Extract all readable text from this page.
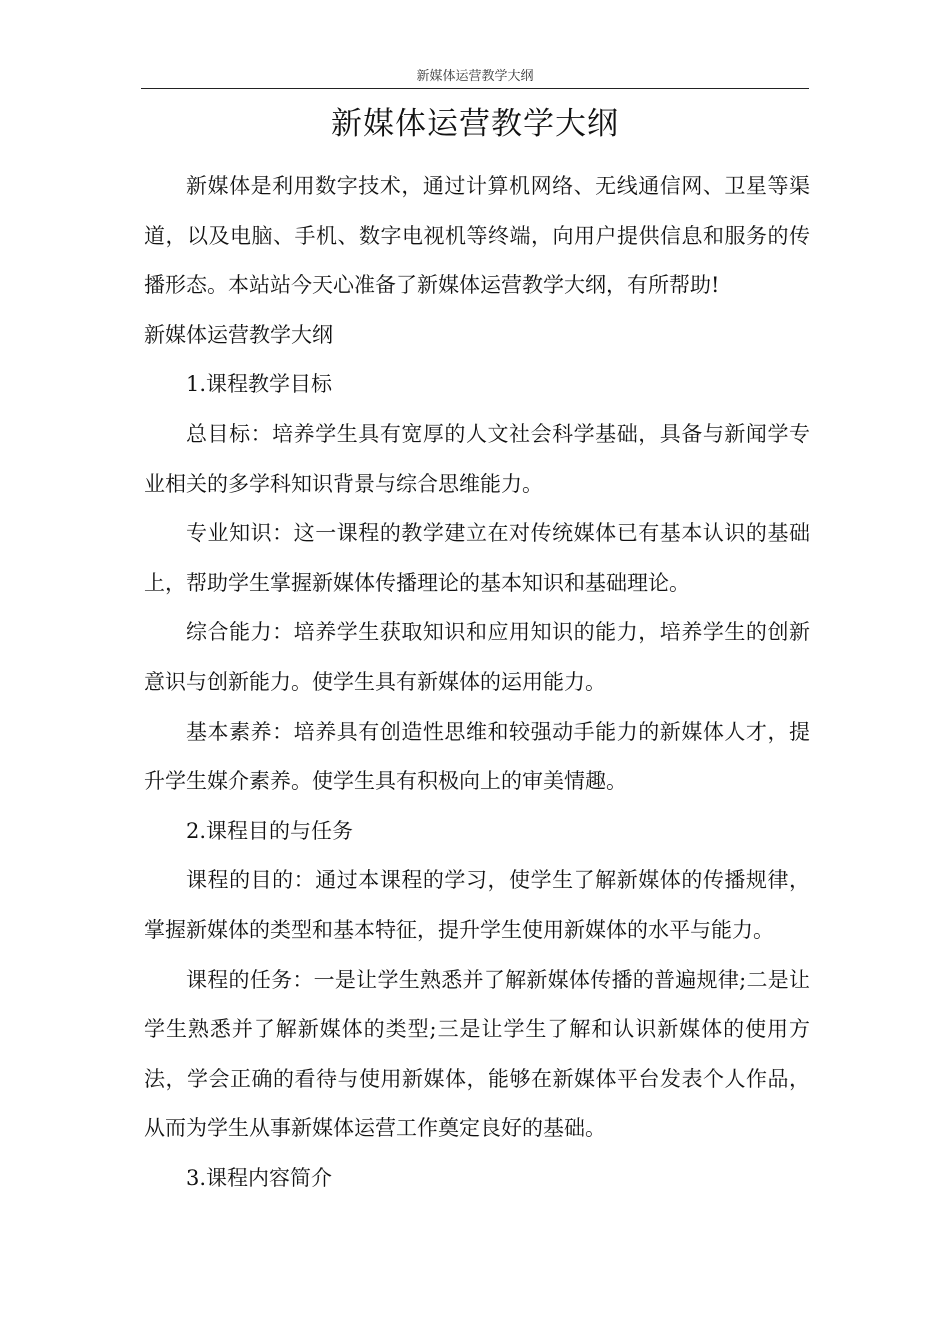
新媒体运营教学大纲
新媒体运营教学大纲

新媒体是利用数字技术，通过计算机网络、无线通信网、卫星等渠道，以及电脑、手机、数字电视机等终端，向用户提供信息和服务的传播形态。本站站今天心准备了新媒体运营教学大纲，有所帮助!

新媒体运营教学大纲

1.课程教学目标

总目标：培养学生具有宽厚的人文社会科学基础，具备与新闻学专业相关的多学科知识背景与综合思维能力。

专业知识：这一课程的教学建立在对传统媒体已有基本认识的基础上，帮助学生掌握新媒体传播理论的基本知识和基础理论。

综合能力：培养学生获取知识和应用知识的能力，培养学生的创新意识与创新能力。使学生具有新媒体的运用能力。

基本素养：培养具有创造性思维和较强动手能力的新媒体人才，提升学生媒介素养。使学生具有积极向上的审美情趣。

2.课程目的与任务

课程的目的：通过本课程的学习，使学生了解新媒体的传播规律，掌握新媒体的类型和基本特征，提升学生使用新媒体的水平与能力。

课程的任务：一是让学生熟悉并了解新媒体传播的普遍规律;二是让学生熟悉并了解新媒体的类型;三是让学生了解和认识新媒体的使用方法，学会正确的看待与使用新媒体，能够在新媒体平台发表个人作品，从而为学生从事新媒体运营工作奠定良好的基础。

3.课程内容简介
